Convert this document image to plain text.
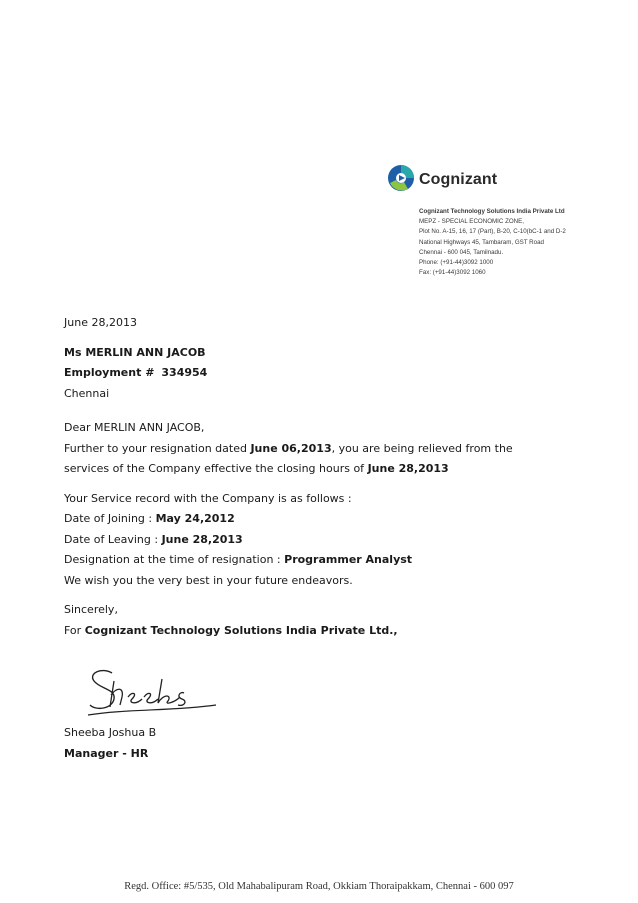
Cognizant
Cognizant Technology Solutions India Private Ltd
MEPZ - SPECIAL ECONOMIC ZONE,
Plot No. A-15, 16, 17 (Part), B-20, C-10(bC-1 and D-2
National Highways 45, Tambaram, GST Road
Chennai - 600 045, Tamilnadu.
Phone: (+91-44)3092 1000
Fax: (+91-44)3092 1060
June 28,2013
Ms MERLIN ANN JACOB
Employment # 334954
Chennai
Dear MERLIN ANN JACOB,
Further to your resignation dated June 06,2013, you are being relieved from the
services of the Company effective the closing hours of June 28,2013
Your Service record with the Company is as follows :
Date of Joining : May 24,2012
Date of Leaving : June 28,2013
Designation at the time of resignation : Programmer Analyst
We wish you the very best in your future endeavors.
Sincerely,
For Cognizant Technology Solutions India Private Ltd.,
Sheeba Joshua B
Manager - HR
Regd. Office: #5/535, Old Mahabalipuram Road, Okkiam Thoraipakkam, Chennai - 600 097
